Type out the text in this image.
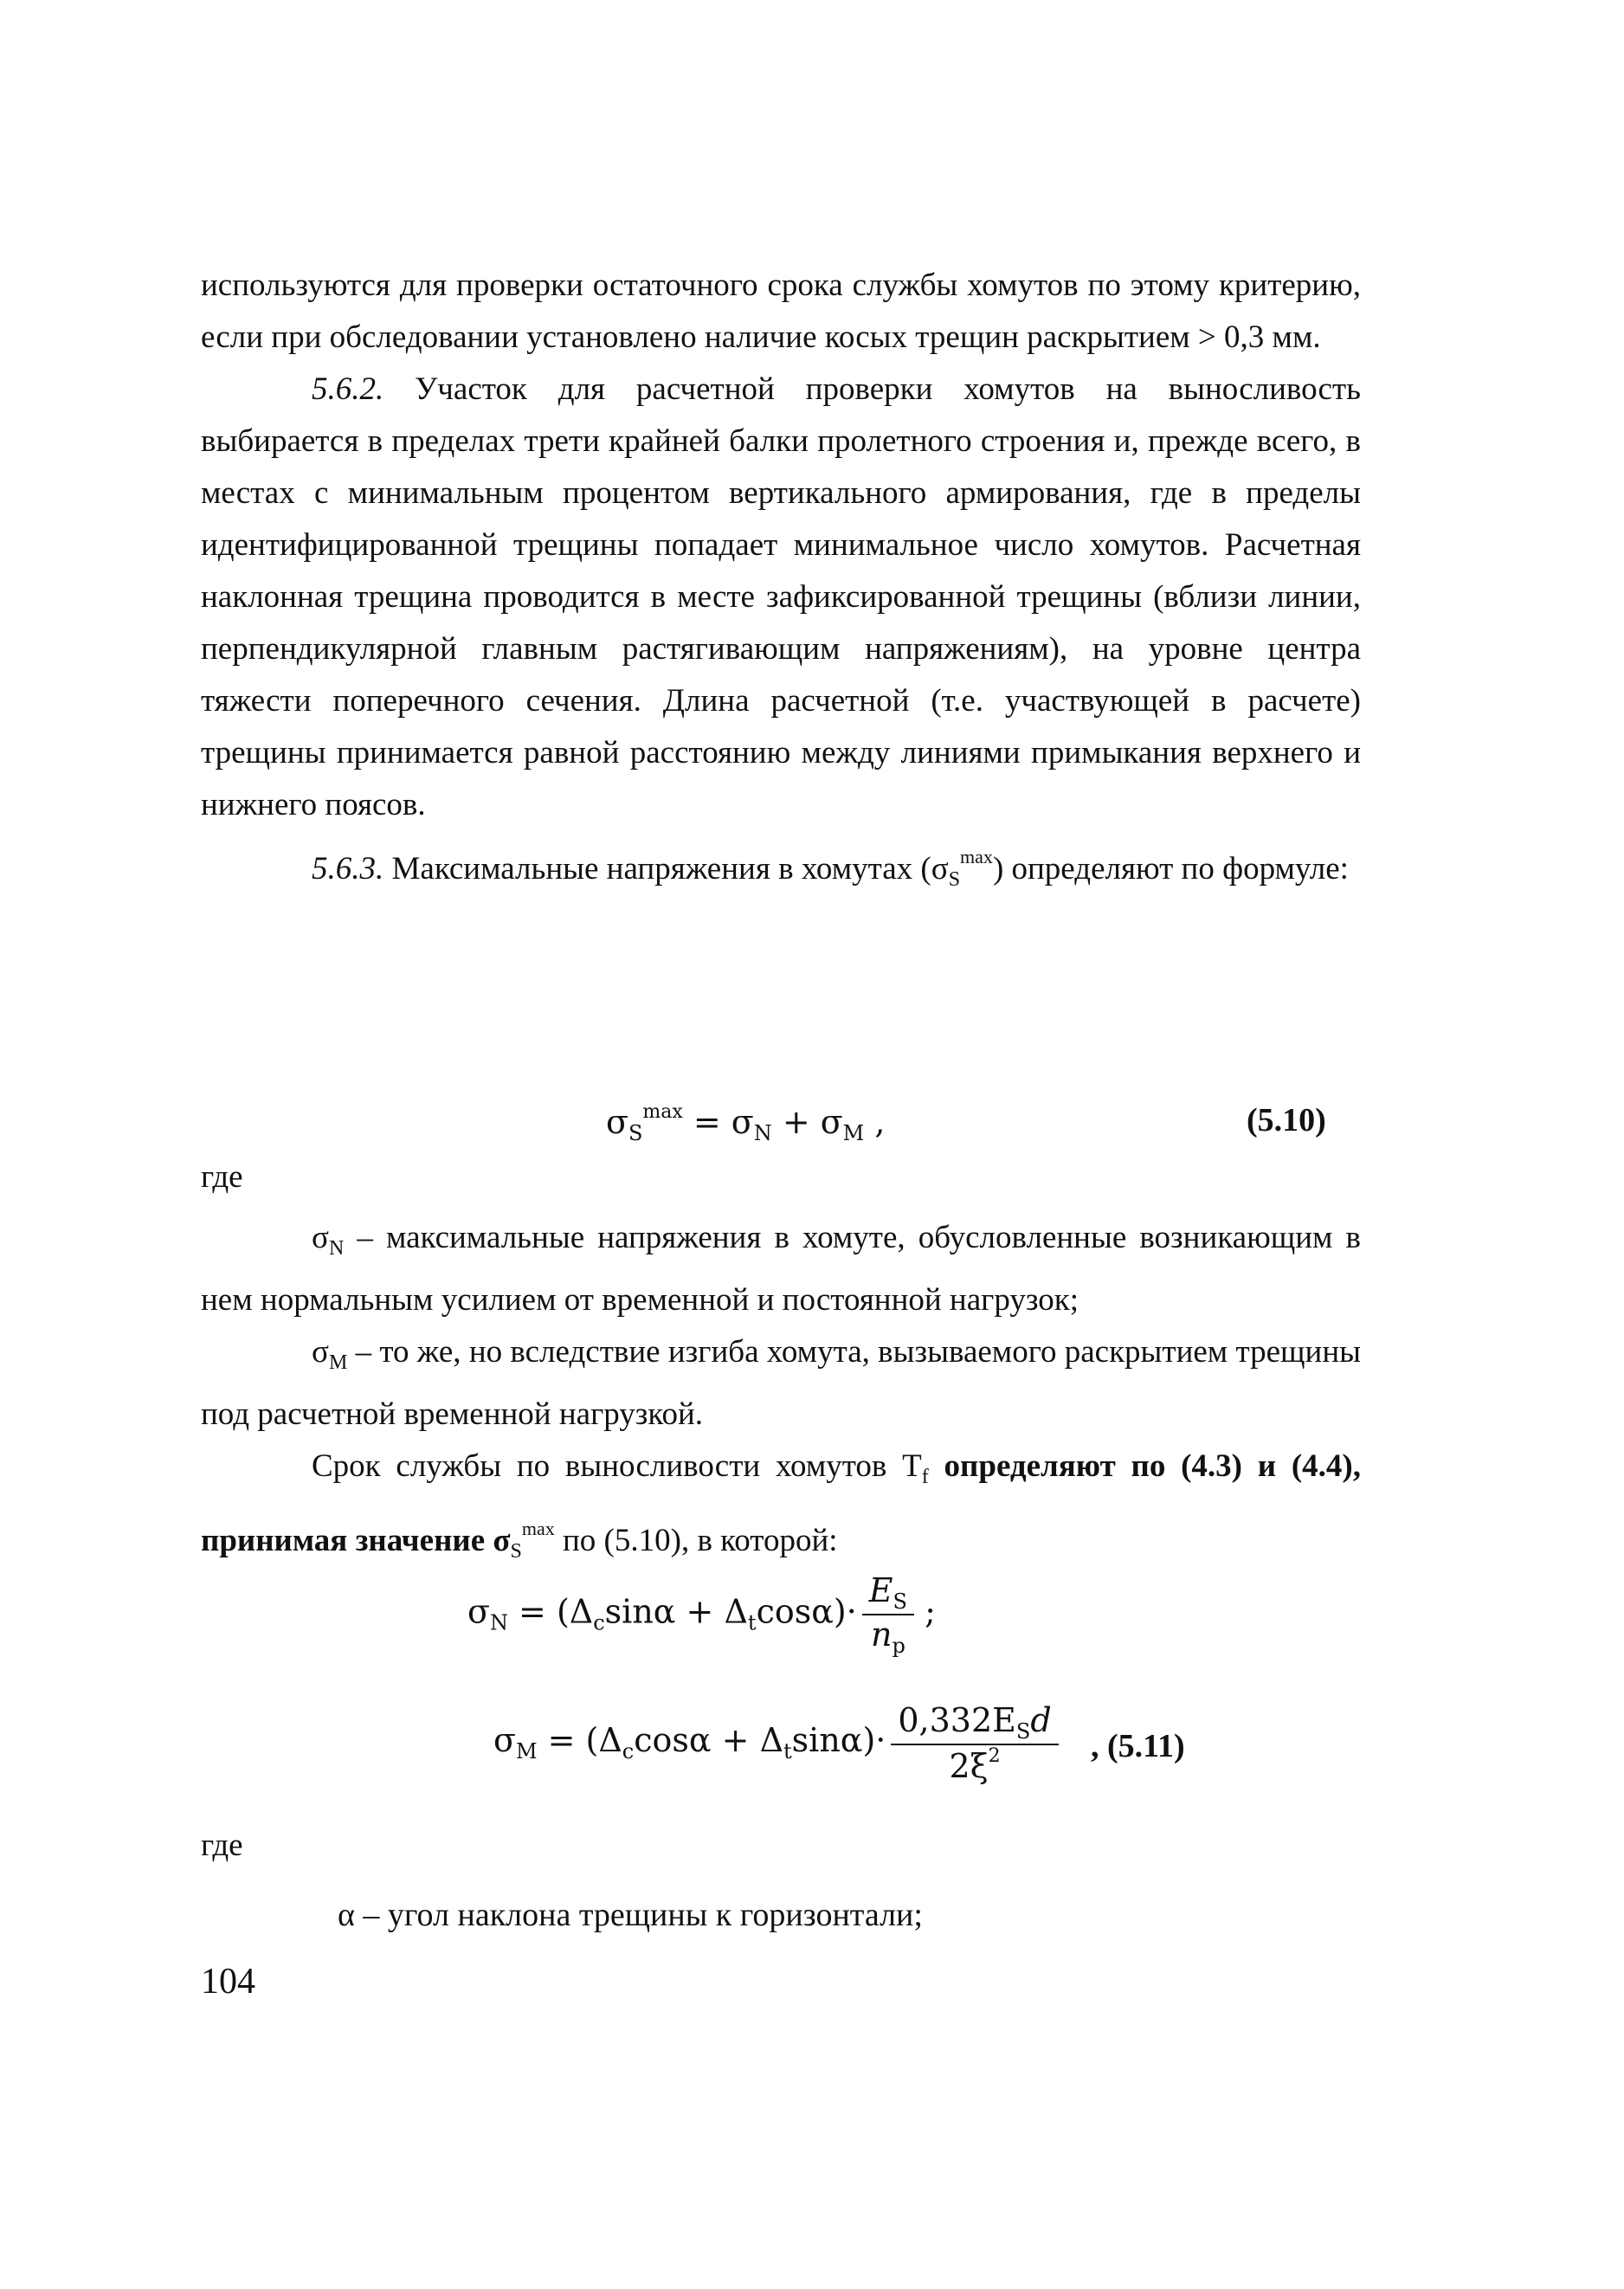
используются для проверки остаточного срока службы хомутов по этому критерию, если при обследовании установлено наличие косых трещин раскрытием > 0,3 мм.

5.6.2. Участок для расчетной проверки хомутов на выносливость выбирается в пределах трети крайней балки пролетного строения и, прежде всего, в местах с минимальным процентом вертикального армирования, где в пределы идентифицированной трещины попадает минимальное число хомутов. Расчетная наклонная трещина проводится в месте зафиксированной трещины (вблизи линии, перпендикулярной главным растягивающим напряжениям), на уровне центра тяжести поперечного сечения. Длина расчетной (т.е. участвующей в расчете) трещины принимается равной расстоянию между линиями примыкания верхнего и нижнего поясов.

5.6.3. Максимальные напряжения в хомутах $(\sigma_S^{max})$ определяют по формуле:

$\sigma_S^{max} = \sigma_N + \sigma_M$ ,	(5.10)
где

$\sigma_N$ – максимальные напряжения в хомуте, обусловленные возникающим в нем нормальным усилием от временной и постоянной нагрузок;

$\sigma_M$ – то же, но вследствие изгиба хомута, вызываемого раскрытием трещины под расчетной временной нагрузкой.

Срок службы по выносливости хомутов $T_f$ определяют по (4.3) и (4.4), принимая значение $\sigma_S^{max}$ по (5.10), в которой:

$\sigma_N = (\Delta_c\sin\alpha + \Delta_t\cos\alpha)\cdot \frac{E_S}{n_p}$ ;
$\sigma_M = (\Delta_c\cos\alpha + \Delta_t\sin\alpha)\cdot \frac{0,332E_Sd}{2\xi^2}$ , (5.11)
где
α – угол наклона трещины к горизонтали;
104
